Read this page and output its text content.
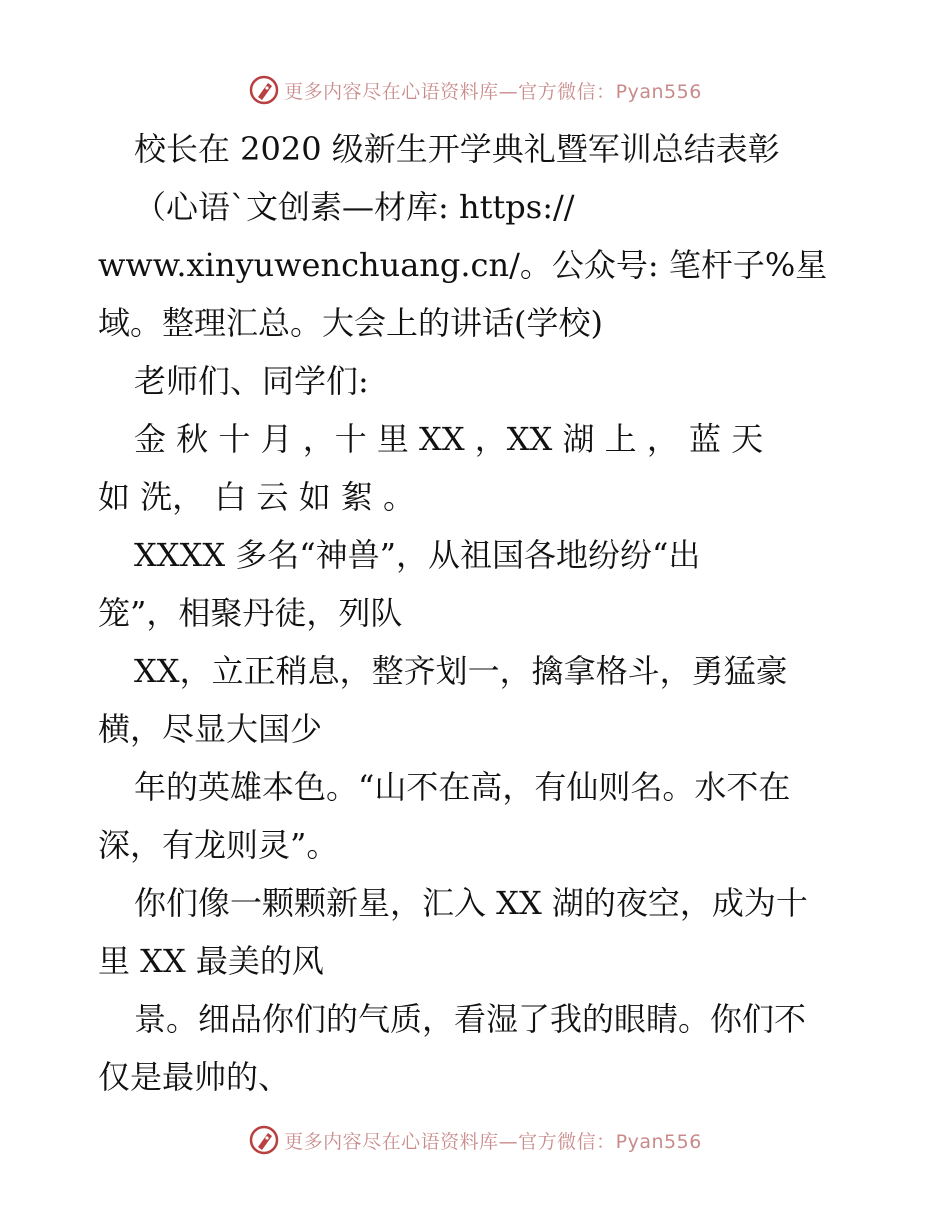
更多内容尽在心语资料库—官方微信：Pyan556
校长在 2020 级新生开学典礼暨军训总结表彰
（心语`文创素—材库: https://
www.xinyuwenchuang.cn/。公众号: 笔杆子%星
域。整理汇总。大会上的讲话(学校)
老师们、同学们:
金 秋 十 月 ，十 里 XX ，XX 湖 上 ， 蓝 天
如 洗， 白 云 如 絮 。
XXXX 多名“神兽”，从祖国各地纷纷“出
笼”，相聚丹徒，列队
XX，立正稍息，整齐划一，擒拿格斗，勇猛豪
横，尽显大国少
年的英雄本色。“山不在高，有仙则名。水不在
深，有龙则灵”。
你们像一颗颗新星，汇入 XX 湖的夜空，成为十
里 XX 最美的风
景。细品你们的气质，看湿了我的眼睛。你们不
仅是最帅的、
更多内容尽在心语资料库—官方微信：Pyan556
